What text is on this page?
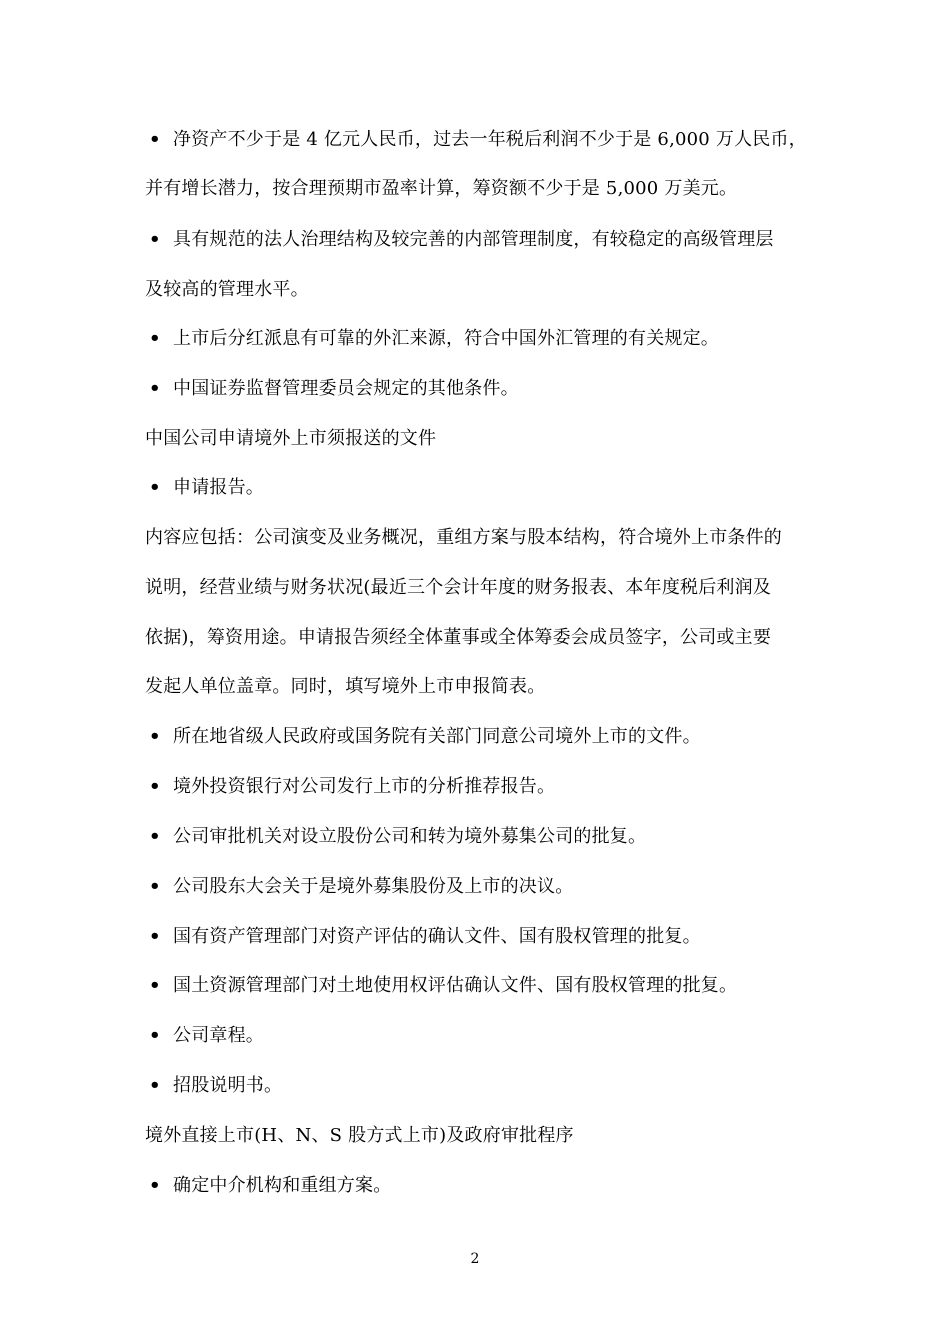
• 净资产不少于是 4 亿元人民币，过去一年税后利润不少于是 6,000 万人民币，
并有增长潜力，按合理预期市盈率计算，筹资额不少于是 5,000 万美元。
• 具有规范的法人治理结构及较完善的内部管理制度，有较稳定的高级管理层
及较高的管理水平。
• 上市后分红派息有可靠的外汇来源，符合中国外汇管理的有关规定。
• 中国证券监督管理委员会规定的其他条件。
中国公司申请境外上市须报送的文件
• 申请报告。
内容应包括：公司演变及业务概况，重组方案与股本结构，符合境外上市条件的
说明，经营业绩与财务状况(最近三个会计年度的财务报表、本年度税后利润及
依据)，筹资用途。申请报告须经全体董事或全体筹委会成员签字，公司或主要
发起人单位盖章。同时，填写境外上市申报简表。
• 所在地省级人民政府或国务院有关部门同意公司境外上市的文件。
• 境外投资银行对公司发行上市的分析推荐报告。
• 公司审批机关对设立股份公司和转为境外募集公司的批复。
• 公司股东大会关于是境外募集股份及上市的决议。
• 国有资产管理部门对资产评估的确认文件、国有股权管理的批复。
• 国土资源管理部门对土地使用权评估确认文件、国有股权管理的批复。
• 公司章程。
• 招股说明书。
境外直接上市(H、N、S 股方式上市)及政府审批程序
• 确定中介机构和重组方案。
2
